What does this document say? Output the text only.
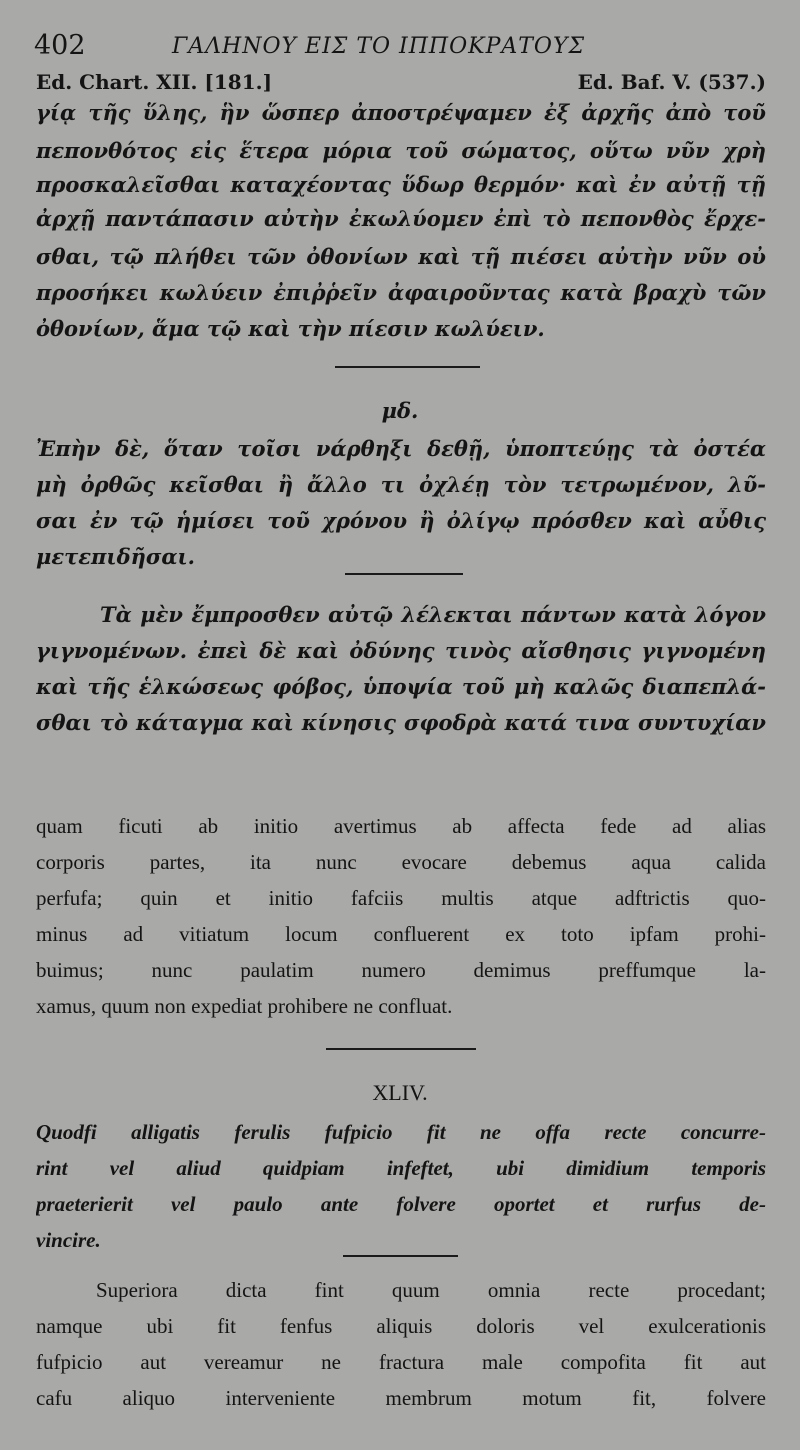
402	ΓΑΛΗΝΟΥ ΕΙΣ ΤΟ ΙΠΠΟΚΡΑΤΟΥΣ
Ed. Chart. XII. [181.]	Ed. Baf. V. (537.)
γίᾳ τῆς ὕλης, ἣν ὥσπερ ἀποστρέψαμεν ἐξ ἀρχῆς ἀπὸ τοῦ
πεπονθότος εἰς ἕτερα μόρια τοῦ σώματος, οὕτω νῦν χρὴ
προσκαλεῖσθαι καταχέοντας ὕδωρ θερμόν· καὶ ἐν αὐτῇ τῇ
ἀρχῇ παντάπασιν αὐτὴν ἐκωλύομεν ἐπὶ τὸ πεπονθὸς ἔρχε-
σθαι, τῷ πλήθει τῶν ὀθονίων καὶ τῇ πιέσει αὐτὴν νῦν οὐ
προσήκει κωλύειν ἐπιῤῥεῖν ἀφαιροῦντας κατὰ βραχὺ τῶν
ὀθονίων, ἅμα τῷ καὶ τὴν πίεσιν κωλύειν.
μδ.
Ἐπὴν δὲ, ὅταν τοῖσι νάρθηξι δεθῇ, ὑποπτεύῃς τὰ ὀστέα
μὴ ὀρθῶς κεῖσθαι ἢ ἄλλο τι ὀχλέῃ τὸν τετρωμένον, λῦ-
σαι ἐν τῷ ἡμίσει τοῦ χρόνου ἢ ὀλίγῳ πρόσθεν καὶ αὖθις
μετεπιδῆσαι.
Τὰ μὲν ἔμπροσθεν αὐτῷ λέλεκται πάντων κατὰ λόγον
γιγνομένων. ἐπεὶ δὲ καὶ ὀδύνης τινὸς αἴσθησις γιγνομένη
καὶ τῆς ἑλκώσεως φόβος, ὑποψία τοῦ μὴ καλῶς διαπεπλά-
σθαι τὸ κάταγμα καὶ κίνησις σφοδρὰ κατά τινα συντυχίαν
quam ficuti ab initio avertimus ab affecta fede ad alias
corporis partes, ita nunc evocare debemus aqua calida
perfufa; quin et initio fafciis multis atque adftrictis quo-
minus ad vitiatum locum confluerent ex toto ipfam prohi-
buimus; nunc paulatim numero demimus preffumque la-
xamus, quum non expediat prohibere ne confluat.
XLIV.
Quodfi alligatis ferulis fufpicio fit ne offa recte concurre-
rint vel aliud quidpiam infeftet, ubi dimidium temporis
praeterierit vel paulo ante folvere oportet et rurfus de-
vincire.
Superiora dicta fint quum omnia recte procedant;
namque ubi fit fenfus aliquis doloris vel exulcerationis
fufpicio aut vereamur ne fractura male compofita fit aut
cafu aliquo interveniente membrum motum fit, folvere
